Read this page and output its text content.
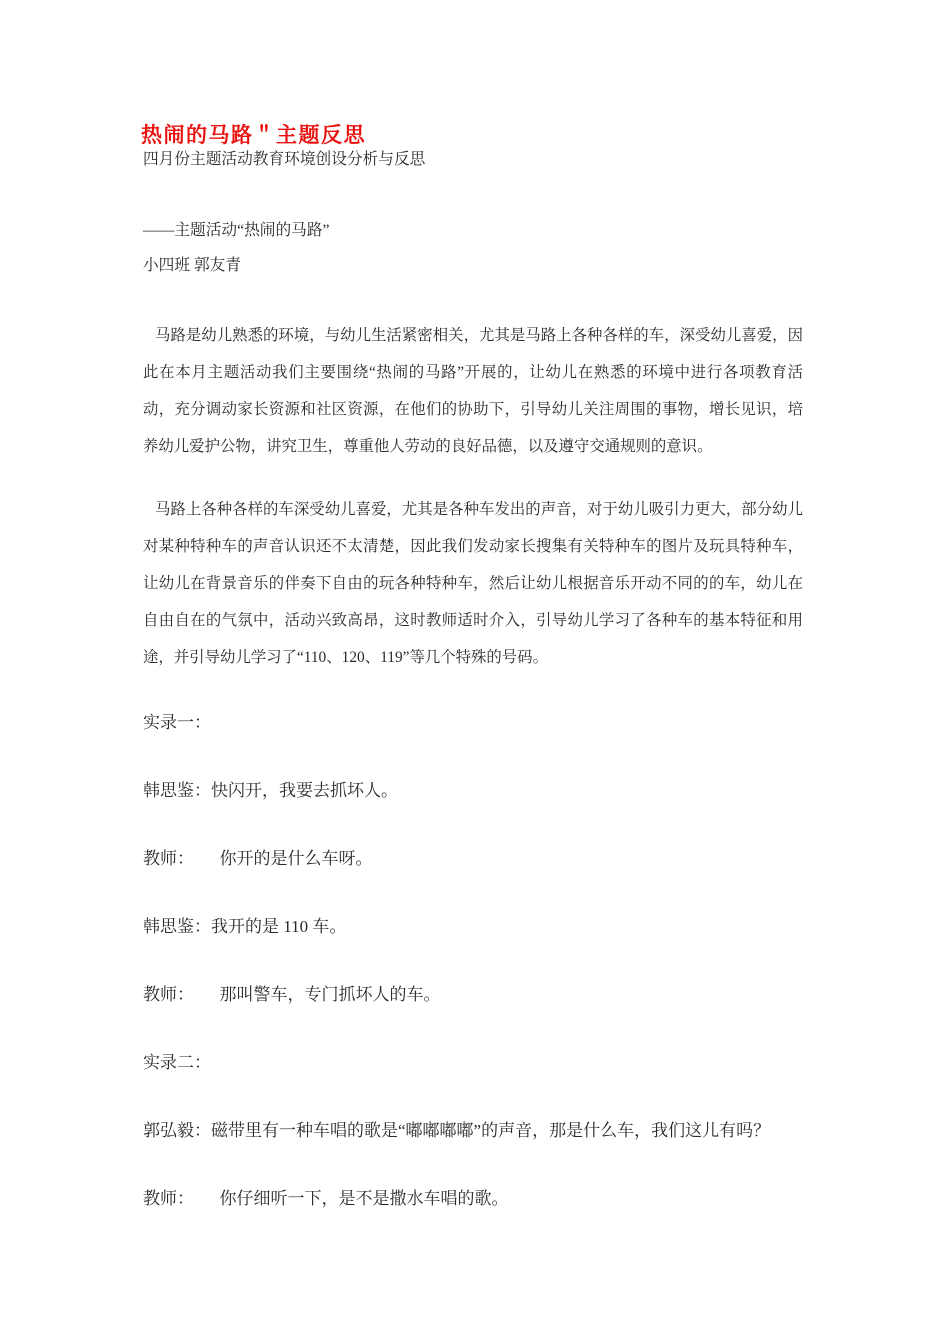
热闹的马路＂主题反思
四月份主题活动教育环境创设分析与反思
——主题活动“热闹的马路”
小四班 郭友青

马路是幼儿熟悉的环境，与幼儿生活紧密相关，尤其是马路上各种各样的车，深受幼儿喜爱，因此在本月主题活动我们主要围绕“热闹的马路”开展的，让幼儿在熟悉的环境中进行各项教育活动，充分调动家长资源和社区资源，在他们的协助下，引导幼儿关注周围的事物，增长见识，培养幼儿爱护公物，讲究卫生，尊重他人劳动的良好品德，以及遵守交通规则的意识。

马路上各种各样的车深受幼儿喜爱，尤其是各种车发出的声音，对于幼儿吸引力更大，部分幼儿对某种特种车的声音认识还不太清楚，因此我们发动家长搜集有关特种车的图片及玩具特种车，让幼儿在背景音乐的伴奏下自由的玩各种特种车，然后让幼儿根据音乐开动不同的的车，幼儿在自由自在的气氛中，活动兴致高昂，这时教师适时介入，引导幼儿学习了各种车的基本特征和用途，并引导幼儿学习了“110、120、119”等几个特殊的号码。

实录一：
韩思鉴：快闪开，我要去抓坏人。
教师：　　你开的是什么车呀。
韩思鉴：我开的是 110 车。
教师：　　那叫警车，专门抓坏人的车。
实录二：
郭弘毅：磁带里有一种车唱的歌是“嘟嘟嘟嘟”的声音，那是什么车，我们这儿有吗？
教师：　　你仔细听一下，是不是撒水车唱的歌。
